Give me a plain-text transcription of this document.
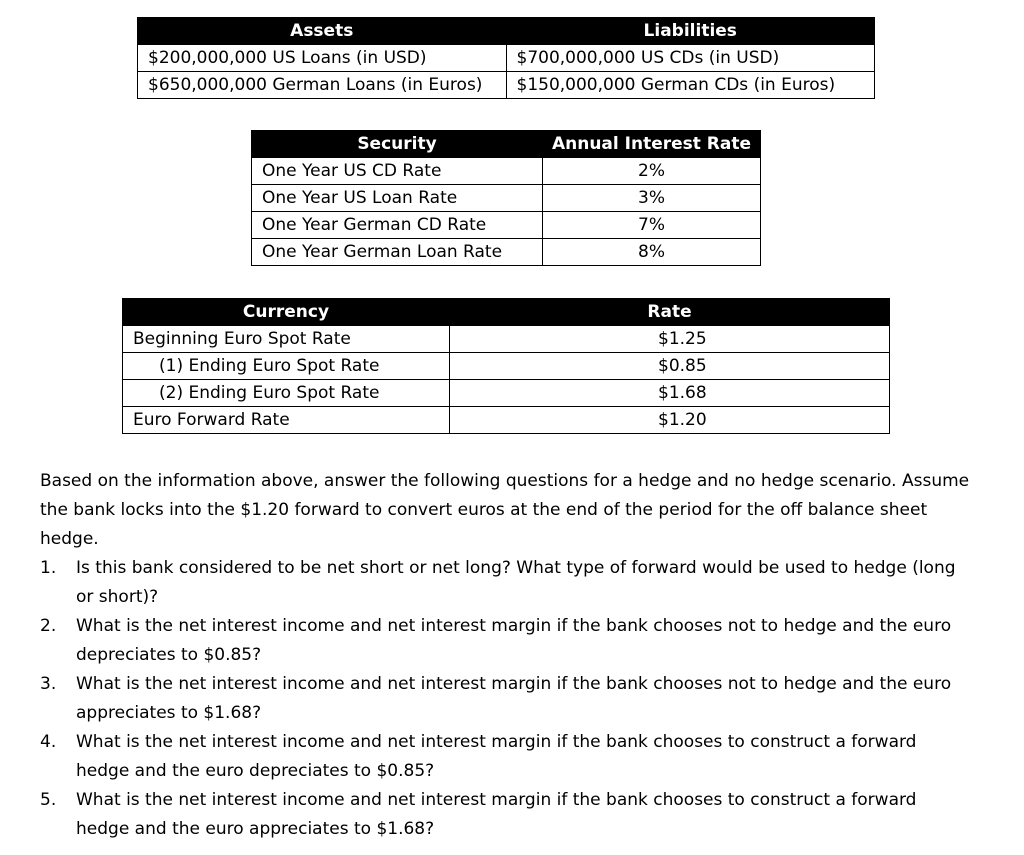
Assets	Liabilities
$200,000,000 US Loans (in USD)	$700,000,000 US CDs (in USD)
$650,000,000 German Loans (in Euros)	$150,000,000 German CDs (in Euros)
Security	Annual Interest Rate
One Year US CD Rate	2%
One Year US Loan Rate	3%
One Year German CD Rate	7%
One Year German Loan Rate	8%
Currency	Rate
Beginning Euro Spot Rate	$1.25
(1) Ending Euro Spot Rate	$0.85
(2) Ending Euro Spot Rate	$1.68
Euro Forward Rate	$1.20

Based on the information above, answer the following questions for a hedge and no hedge scenario. Assume the bank locks into the $1.20 forward to convert euros at the end of the period for the off balance sheet hedge.

1. Is this bank considered to be net short or net long? What type of forward would be used to hedge (long or short)?
2. What is the net interest income and net interest margin if the bank chooses not to hedge and the euro depreciates to $0.85?
3. What is the net interest income and net interest margin if the bank chooses not to hedge and the euro appreciates to $1.68?
4. What is the net interest income and net interest margin if the bank chooses to construct a forward hedge and the euro depreciates to $0.85?
5. What is the net interest income and net interest margin if the bank chooses to construct a forward hedge and the euro appreciates to $1.68?
